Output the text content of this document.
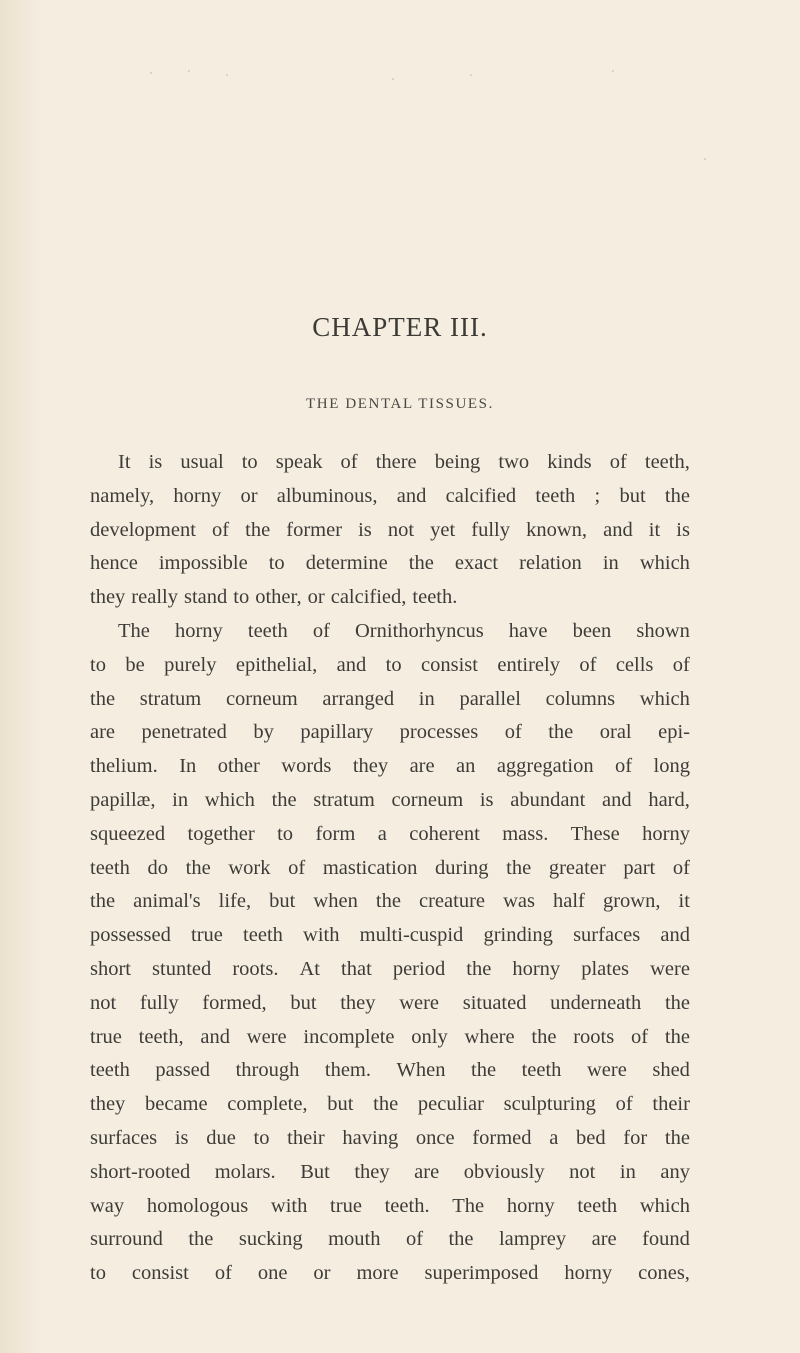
CHAPTER III.
THE DENTAL TISSUES.
It is usual to speak of there being two kinds of teeth,
namely, horny or albuminous, and calcified teeth ; but the
development of the former is not yet fully known, and it is
hence impossible to determine the exact relation in which
they really stand to other, or calcified, teeth.
The horny teeth of Ornithorhyncus have been shown
to be purely epithelial, and to consist entirely of cells of
the stratum corneum arranged in parallel columns which
are penetrated by papillary processes of the oral epi-
thelium. In other words they are an aggregation of long
papillæ, in which the stratum corneum is abundant and hard,
squeezed together to form a coherent mass. These horny
teeth do the work of mastication during the greater part of
the animal's life, but when the creature was half grown, it
possessed true teeth with multi-cuspid grinding surfaces and
short stunted roots. At that period the horny plates were
not fully formed, but they were situated underneath the
true teeth, and were incomplete only where the roots of the
teeth passed through them. When the teeth were shed
they became complete, but the peculiar sculpturing of their
surfaces is due to their having once formed a bed for the
short-rooted molars. But they are obviously not in any
way homologous with true teeth. The horny teeth which
surround the sucking mouth of the lamprey are found
to consist of one or more superimposed horny cones,
